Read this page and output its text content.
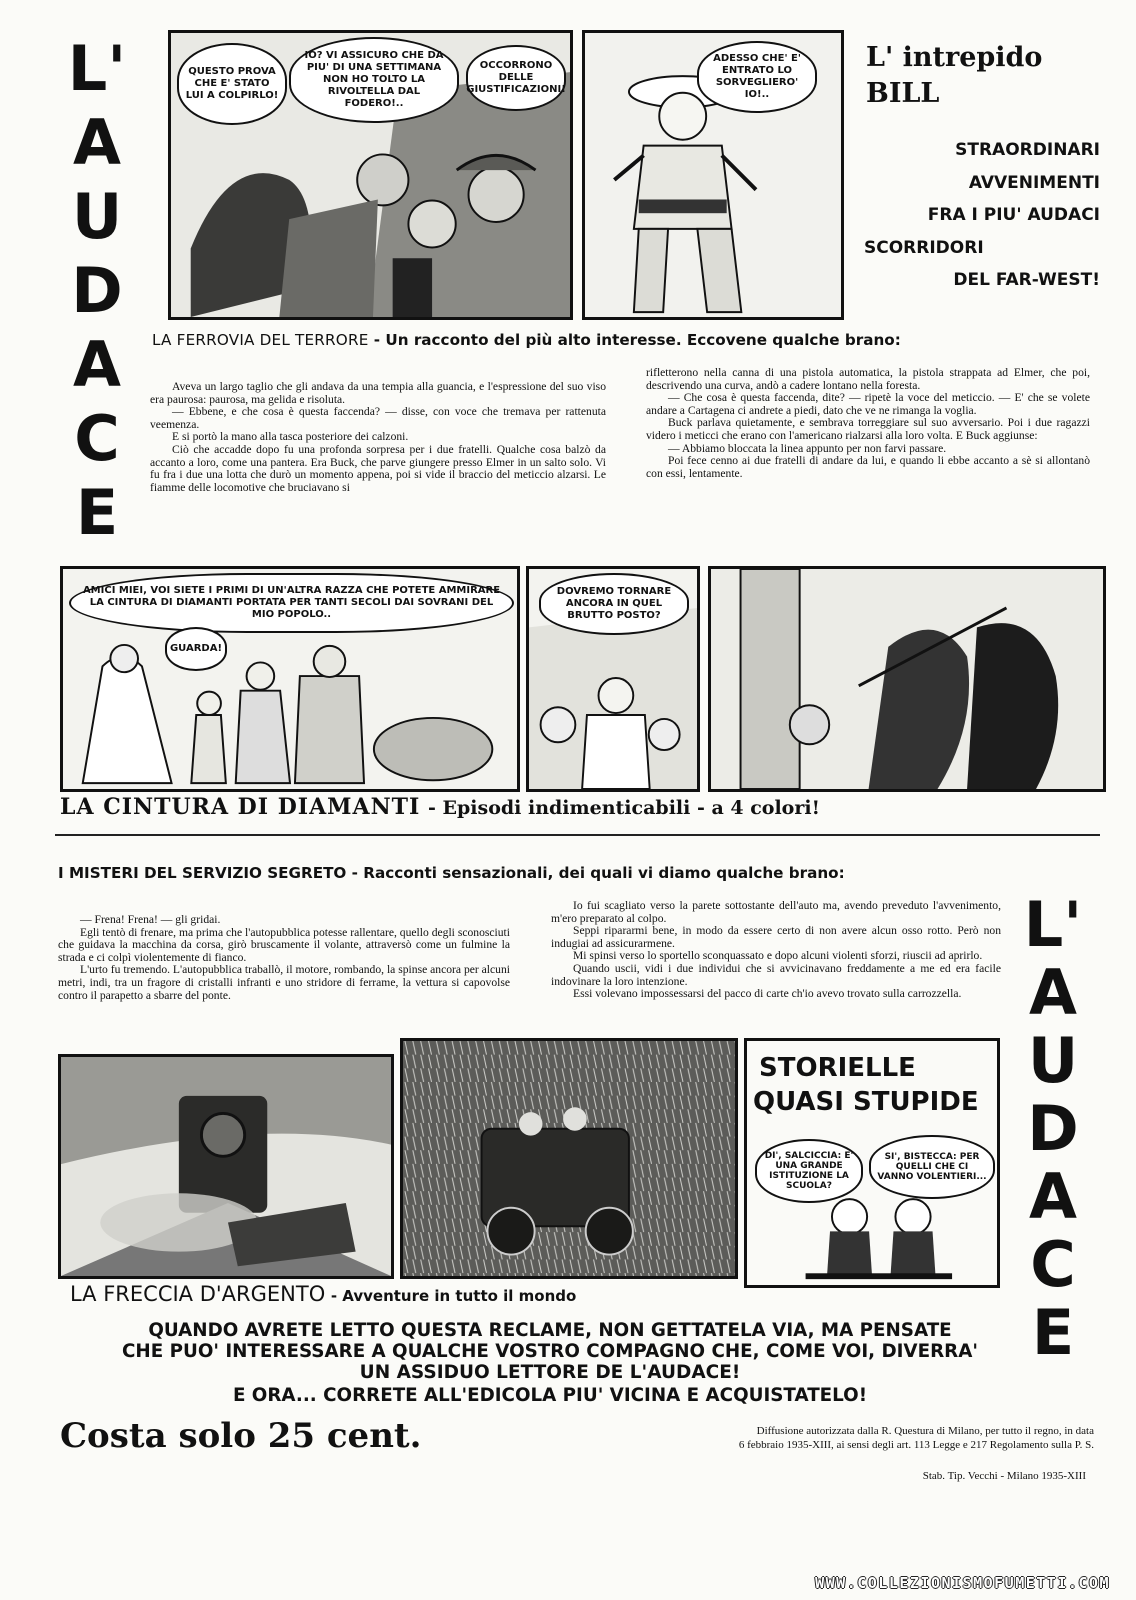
L'
A
U
D
A
C
E
QUESTO PROVA CHE E' STATO LUI A COLPIRLO!
IO? VI ASSICURO CHE DA PIU' DI UNA SETTIMANA NON HO TOLTO LA RIVOLTELLA DAL FODERO!..
OCCORRONO DELLE GIUSTIFICAZIONI!
ADESSO CHE' E' ENTRATO LO SORVEGLIERO' IO!..
L' intrepido
BILL
STRAORDINARI
AVVENIMENTI
FRA I PIU' AUDACI
SCORRIDORI
DEL FAR-WEST!
LA FERROVIA DEL TERRORE - Un racconto del più alto interesse. Eccovene qualche brano:

Aveva un largo taglio che gli andava da una tempia alla guancia, e l'espressione del suo viso era paurosa: paurosa, ma gelida e risoluta.

— Ebbene, e che cosa è questa faccenda? — disse, con voce che tremava per rattenuta veemenza.

E si portò la mano alla tasca posteriore dei calzoni.

Ciò che accadde dopo fu una profonda sorpresa per i due fratelli. Qualche cosa balzò da accanto a loro, come una pantera. Era Buck, che parve giungere presso Elmer in un salto solo. Vi fu fra i due una lotta che durò un momento appena, poi si vide il braccio del meticcio alzarsi. Le fiamme delle locomotive che bruciavano si

rifletterono nella canna di una pistola automatica, la pistola strappata ad Elmer, che poi, descrivendo una curva, andò a cadere lontano nella foresta.

— Che cosa è questa faccenda, dite? — ripetè la voce del meticcio. — E' che se volete andare a Cartagena ci andrete a piedi, dato che ve ne rimanga la voglia.

Buck parlava quietamente, e sembrava torreggiare sul suo avversario. Poi i due ragazzi videro i meticci che erano con l'americano rialzarsi alla loro volta. E Buck aggiunse:

— Abbiamo bloccata la linea appunto per non farvi passare.

Poi fece cenno ai due fratelli di andare da lui, e quando li ebbe accanto a sè si allontanò con essi, lentamente.

AMICI MIEI, VOI SIETE I PRIMI DI UN'ALTRA RAZZA CHE POTETE AMMIRARE LA CINTURA DI DIAMANTI PORTATA PER TANTI SECOLI DAI SOVRANI DEL MIO POPOLO..
GUARDA!
DOVREMO TORNARE ANCORA IN QUEL BRUTTO POSTO?
LA CINTURA DI DIAMANTI - Episodi indimenticabili - a 4 colori!
I MISTERI DEL SERVIZIO SEGRETO - Racconti sensazionali, dei quali vi diamo qualche brano:

— Frena! Frena! — gli gridai.

Egli tentò di frenare, ma prima che l'autopubblica potesse rallentare, quello degli sconosciuti che guidava la macchina da corsa, girò bruscamente il volante, attraversò come un fulmine la strada e ci colpì violentemente di fianco.

L'urto fu tremendo. L'autopubblica traballò, il motore, rombando, la spinse ancora per alcuni metri, indi, tra un fragore di cristalli infranti e uno stridore di ferrame, la vettura si capovolse contro il parapetto a sbarre del ponte.

Io fui scagliato verso la parete sottostante dell'auto ma, avendo preveduto l'avvenimento, m'ero preparato al colpo.

Seppi ripararmi bene, in modo da essere certo di non avere alcun osso rotto. Però non indugiai ad assicurarmene.

Mi spinsi verso lo sportello sconquassato e dopo alcuni violenti sforzi, riuscii ad aprirlo.

Quando uscii, vidi i due individui che si avvicinavano freddamente a me ed era facile indovinare la loro intenzione.

Essi volevano impossessarsi del pacco di carte ch'io avevo trovato sulla carrozzella.

L'
A
U
D
A
C
E
STORIELLE
QUASI STUPIDE
DI', SALCICCIA: E' UNA GRANDE ISTITUZIONE LA SCUOLA?
SI', BISTECCA: PER QUELLI CHE CI VANNO VOLENTIERI...
LA FRECCIA D'ARGENTO - Avventure in tutto il mondo
QUANDO AVRETE LETTO QUESTA RECLAME, NON GETTATELA VIA, MA PENSATE
CHE PUO' INTERESSARE A QUALCHE VOSTRO COMPAGNO CHE, COME VOI, DIVERRA'
UN ASSIDUO LETTORE DE L'AUDACE!
E ORA... CORRETE ALL'EDICOLA PIU' VICINA E ACQUISTATELO!
Costa solo 25 cent.	Diffusione autorizzata dalla R. Questura di Milano, per tutto il regno, in data
6 febbraio 1935-XIII, ai sensi degli art. 113 Legge e 217 Regolamento sulla P. S.
Stab. Tip. Vecchi - Milano 1935-XIII
WWW.COLLEZIONISMOFUMETTI.COM
